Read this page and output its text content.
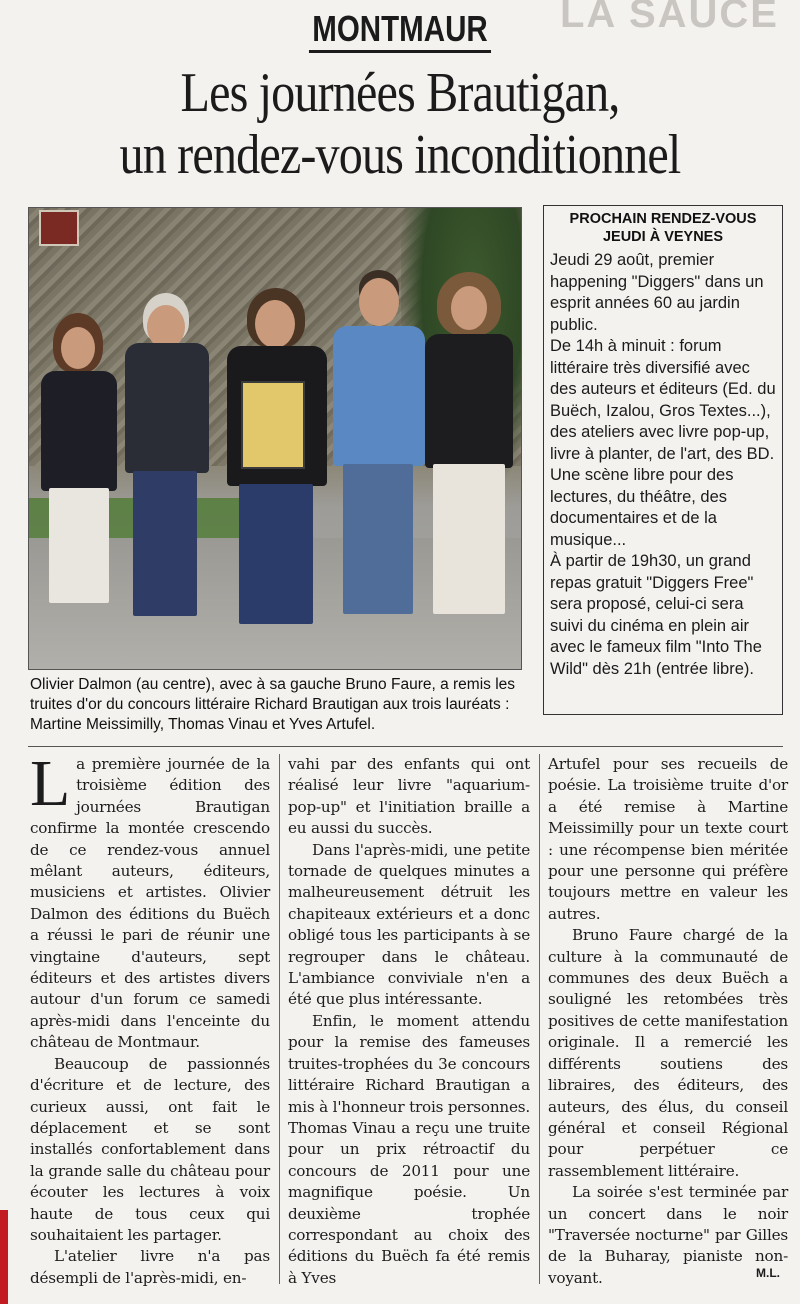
LA SAUCE
MONTMAUR
Les journées Brautigan,
un rendez-vous inconditionnel
Olivier Dalmon (au centre), avec à sa gauche Bruno Faure, a remis les truites d'or du concours littéraire Richard Brautigan aux trois lauréats : Martine Meissimilly, Thomas Vinau et Yves Artufel.
PROCHAIN RENDEZ-VOUS
JEUDI À VEYNES

Jeudi 29 août, premier happening "Diggers" dans un esprit années 60 au jardin public.

De 14h à minuit : forum littéraire très diversifié avec des auteurs et éditeurs (Ed. du Buëch, Izalou, Gros Textes...), des ateliers avec livre pop-up, livre à planter, de l'art, des BD. Une scène libre pour des lectures, du théâtre, des documentaires et de la musique...

À partir de 19h30, un grand repas gratuit "Diggers Free" sera proposé, celui-ci sera suivi du cinéma en plein air avec le fameux film "Into The Wild" dès 21h (entrée libre).

La première journée de la troisième édition des journées Brautigan confirme la montée crescendo de ce rendez-vous annuel mêlant auteurs, éditeurs, musiciens et artistes. Olivier Dalmon des éditions du Buëch a réussi le pari de réunir une vingtaine d'auteurs, sept éditeurs et des artistes divers autour d'un forum ce samedi après-midi dans l'enceinte du château de Montmaur.

Beaucoup de passionnés d'écriture et de lecture, des curieux aussi, ont fait le déplacement et se sont installés confortablement dans la grande salle du château pour écouter les lectures à voix haute de tous ceux qui souhaitaient les partager.

L'atelier livre n'a pas désempli de l'après-midi, en-

vahi par des enfants qui ont réalisé leur livre "aquarium-pop-up" et l'initiation braille a eu aussi du succès.

Dans l'après-midi, une petite tornade de quelques minutes a malheureusement détruit les chapiteaux extérieurs et a donc obligé tous les participants à se regrouper dans le château. L'ambiance conviviale n'en a été que plus intéressante.

Enfin, le moment attendu pour la remise des fameuses truites-trophées du 3e concours littéraire Richard Brautigan a mis à l'honneur trois personnes. Thomas Vinau a reçu une truite pour un prix rétroactif du concours de 2011 pour une magnifique poésie. Un deuxième trophée correspondant au choix des éditions du Buëch fa été remis à Yves

Artufel pour ses recueils de poésie. La troisième truite d'or a été remise à Martine Meissimilly pour un texte court : une récompense bien méritée pour une personne qui préfère toujours mettre en valeur les autres.

Bruno Faure chargé de la culture à la communauté de communes des deux Buëch a souligné les retombées très positives de cette manifestation originale. Il a remercié les différents soutiens des libraires, des éditeurs, des auteurs, des élus, du conseil général et conseil Régional pour perpétuer ce rassemblement littéraire.

La soirée s'est terminée par un concert dans le noir "Traversée nocturne" par Gilles de la Buharay, pianiste non-voyant.	M.L.
